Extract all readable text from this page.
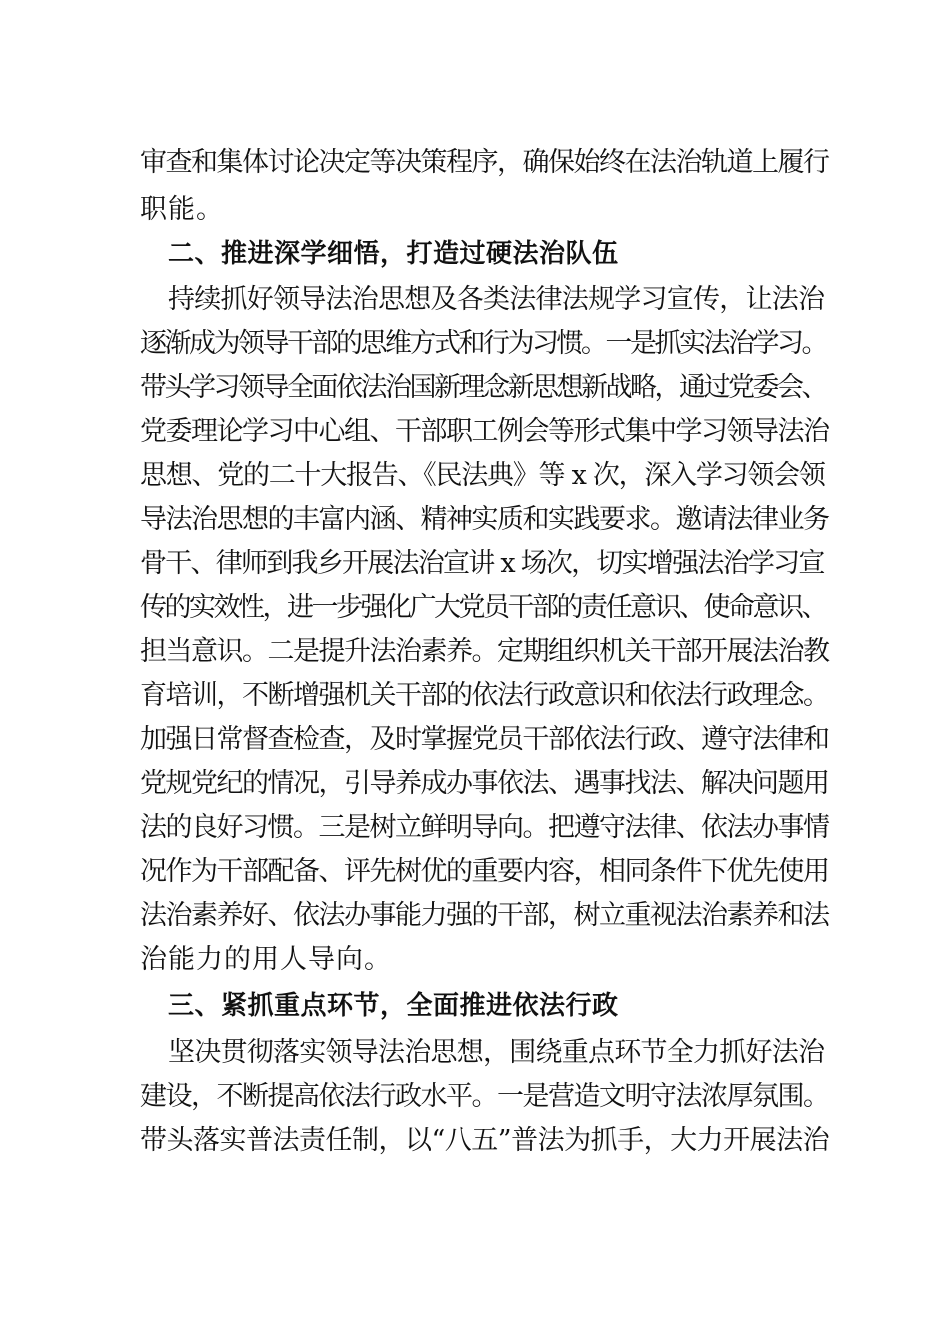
审查和集体讨论决定等决策程序，确保始终在法治轨道上履行
职能。
二、推进深学细悟，打造过硬法治队伍
持续抓好领导法治思想及各类法律法规学习宣传，让法治
逐渐成为领导干部的思维方式和行为习惯。一是抓实法治学习。
带头学习领导全面依法治国新理念新思想新战略，通过党委会、
党委理论学习中心组、干部职工例会等形式集中学习领导法治
思想、党的二十大报告、《民法典》等 x 次，深入学习领会领
导法治思想的丰富内涵、精神实质和实践要求。邀请法律业务
骨干、律师到我乡开展法治宣讲 x 场次，切实增强法治学习宣
传的实效性，进一步强化广大党员干部的责任意识、使命意识、
担当意识。二是提升法治素养。定期组织机关干部开展法治教
育培训，不断增强机关干部的依法行政意识和依法行政理念。
加强日常督查检查，及时掌握党员干部依法行政、遵守法律和
党规党纪的情况，引导养成办事依法、遇事找法、解决问题用
法的良好习惯。三是树立鲜明导向。把遵守法律、依法办事情
况作为干部配备、评先树优的重要内容，相同条件下优先使用
法治素养好、依法办事能力强的干部，树立重视法治素养和法
治能力的用人导向。
三、紧抓重点环节，全面推进依法行政
坚决贯彻落实领导法治思想，围绕重点环节全力抓好法治
建设，不断提高依法行政水平。一是营造文明守法浓厚氛围。
带头落实普法责任制，以“八五”普法为抓手，大力开展法治
